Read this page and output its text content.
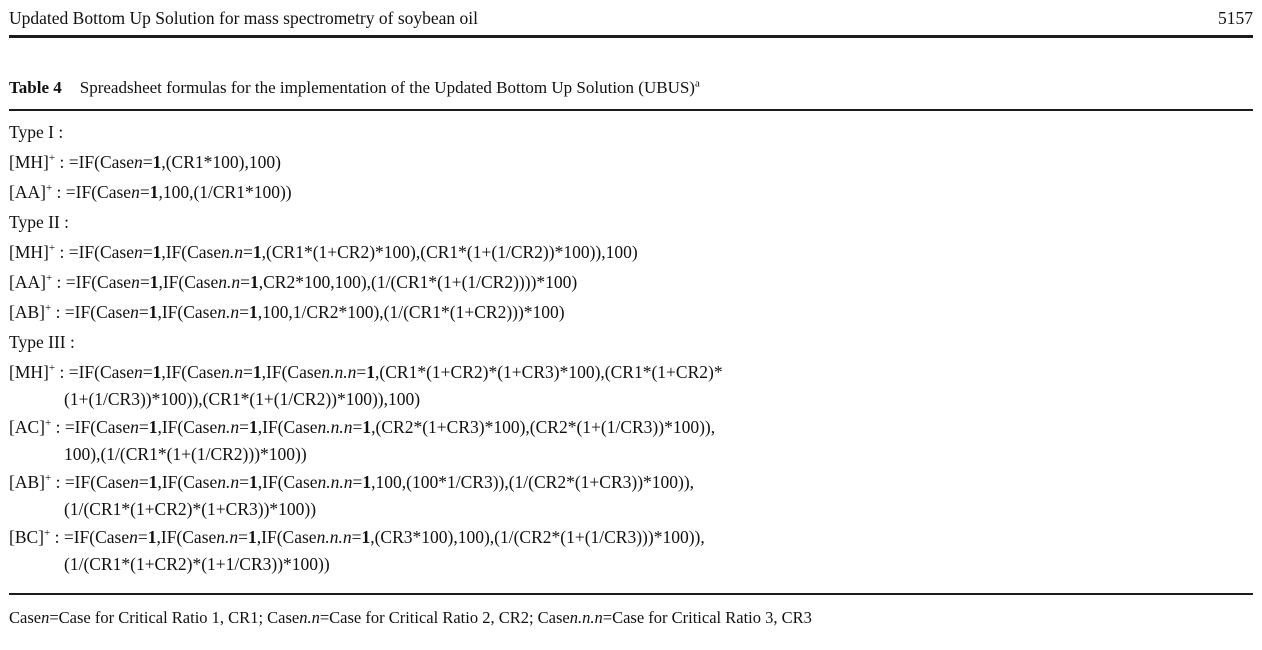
Updated Bottom Up Solution for mass spectrometry of soybean oil	5157
Table 4 Spreadsheet formulas for the implementation of the Updated Bottom Up Solution (UBUS)$^a$
Type I :
[MH]+ : =IF(Casen=1,(CR1*100),100)
[AA]+ : =IF(Casen=1,100,(1/CR1*100))
Type II :
[MH]+ : =IF(Casen=1,IF(Casen.n=1,(CR1*(1+CR2)*100),(CR1*(1+(1/CR2))*100)),100)
[AA]+ : =IF(Casen=1,IF(Casen.n=1,CR2*100,100),(1/(CR1*(1+(1/CR2))))*100)
[AB]+ : =IF(Casen=1,IF(Casen.n=1,100,1/CR2*100),(1/(CR1*(1+CR2)))*100)
Type III :
[MH]+ : =IF(Casen=1,IF(Casen.n=1,IF(Casen.n.n=1,(CR1*(1+CR2)*(1+CR3)*100),(CR1*(1+CR2)*
(1+(1/CR3))*100)),(CR1*(1+(1/CR2))*100)),100)
[AC]+ : =IF(Casen=1,IF(Casen.n=1,IF(Casen.n.n=1,(CR2*(1+CR3)*100),(CR2*(1+(1/CR3))*100)),
100),(1/(CR1*(1+(1/CR2)))*100))
[AB]+ : =IF(Casen=1,IF(Casen.n=1,IF(Casen.n.n=1,100,(100*1/CR3)),(1/(CR2*(1+CR3))*100)),
(1/(CR1*(1+CR2)*(1+CR3))*100))
[BC]+ : =IF(Casen=1,IF(Casen.n=1,IF(Casen.n.n=1,(CR3*100),100),(1/(CR2*(1+(1/CR3)))*100)),
(1/(CR1*(1+CR2)*(1+1/CR3))*100))
Casen=Case for Critical Ratio 1, CR1; Casen.n=Case for Critical Ratio 2, CR2; Casen.n.n=Case for Critical Ratio 3, CR3
